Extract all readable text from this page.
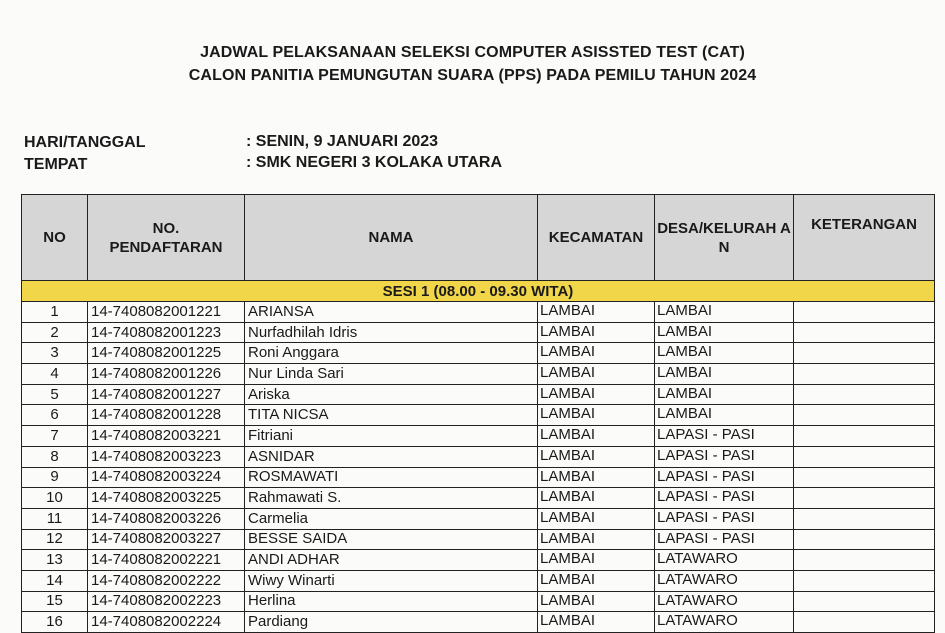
JADWAL PELAKSANAAN SELEKSI COMPUTER ASISSTED TEST (CAT)
CALON PANITIA PEMUNGUTAN SUARA (PPS) PADA PEMILU TAHUN 2024
HARI/TANGGAL	: SENIN, 9 JANUARI 2023
TEMPAT	: SMK NEGERI 3 KOLAKA UTARA
NO	NO. PENDAFTARAN	NAMA	KECAMATAN	DESA/KELURAH AN	KETERANGAN
SESI 1 (08.00 - 09.30 WITA)					
1	14-7408082001221	ARIANSA	LAMBAI	LAMBAI	
2	14-7408082001223	Nurfadhilah Idris	LAMBAI	LAMBAI	
3	14-7408082001225	Roni Anggara	LAMBAI	LAMBAI	
4	14-7408082001226	Nur Linda Sari	LAMBAI	LAMBAI	
5	14-7408082001227	Ariska	LAMBAI	LAMBAI	
6	14-7408082001228	TITA NICSA	LAMBAI	LAMBAI	
7	14-7408082003221	Fitriani	LAMBAI	LAPASI - PASI	
8	14-7408082003223	ASNIDAR	LAMBAI	LAPASI - PASI	
9	14-7408082003224	ROSMAWATI	LAMBAI	LAPASI - PASI	
10	14-7408082003225	Rahmawati S.	LAMBAI	LAPASI - PASI	
11	14-7408082003226	Carmelia	LAMBAI	LAPASI - PASI	
12	14-7408082003227	BESSE SAIDA	LAMBAI	LAPASI - PASI	
13	14-7408082002221	ANDI ADHAR	LAMBAI	LATAWARO	
14	14-7408082002222	Wiwy Winarti	LAMBAI	LATAWARO	
15	14-7408082002223	Herlina	LAMBAI	LATAWARO	
16	14-7408082002224	Pardiang	LAMBAI	LATAWARO	
